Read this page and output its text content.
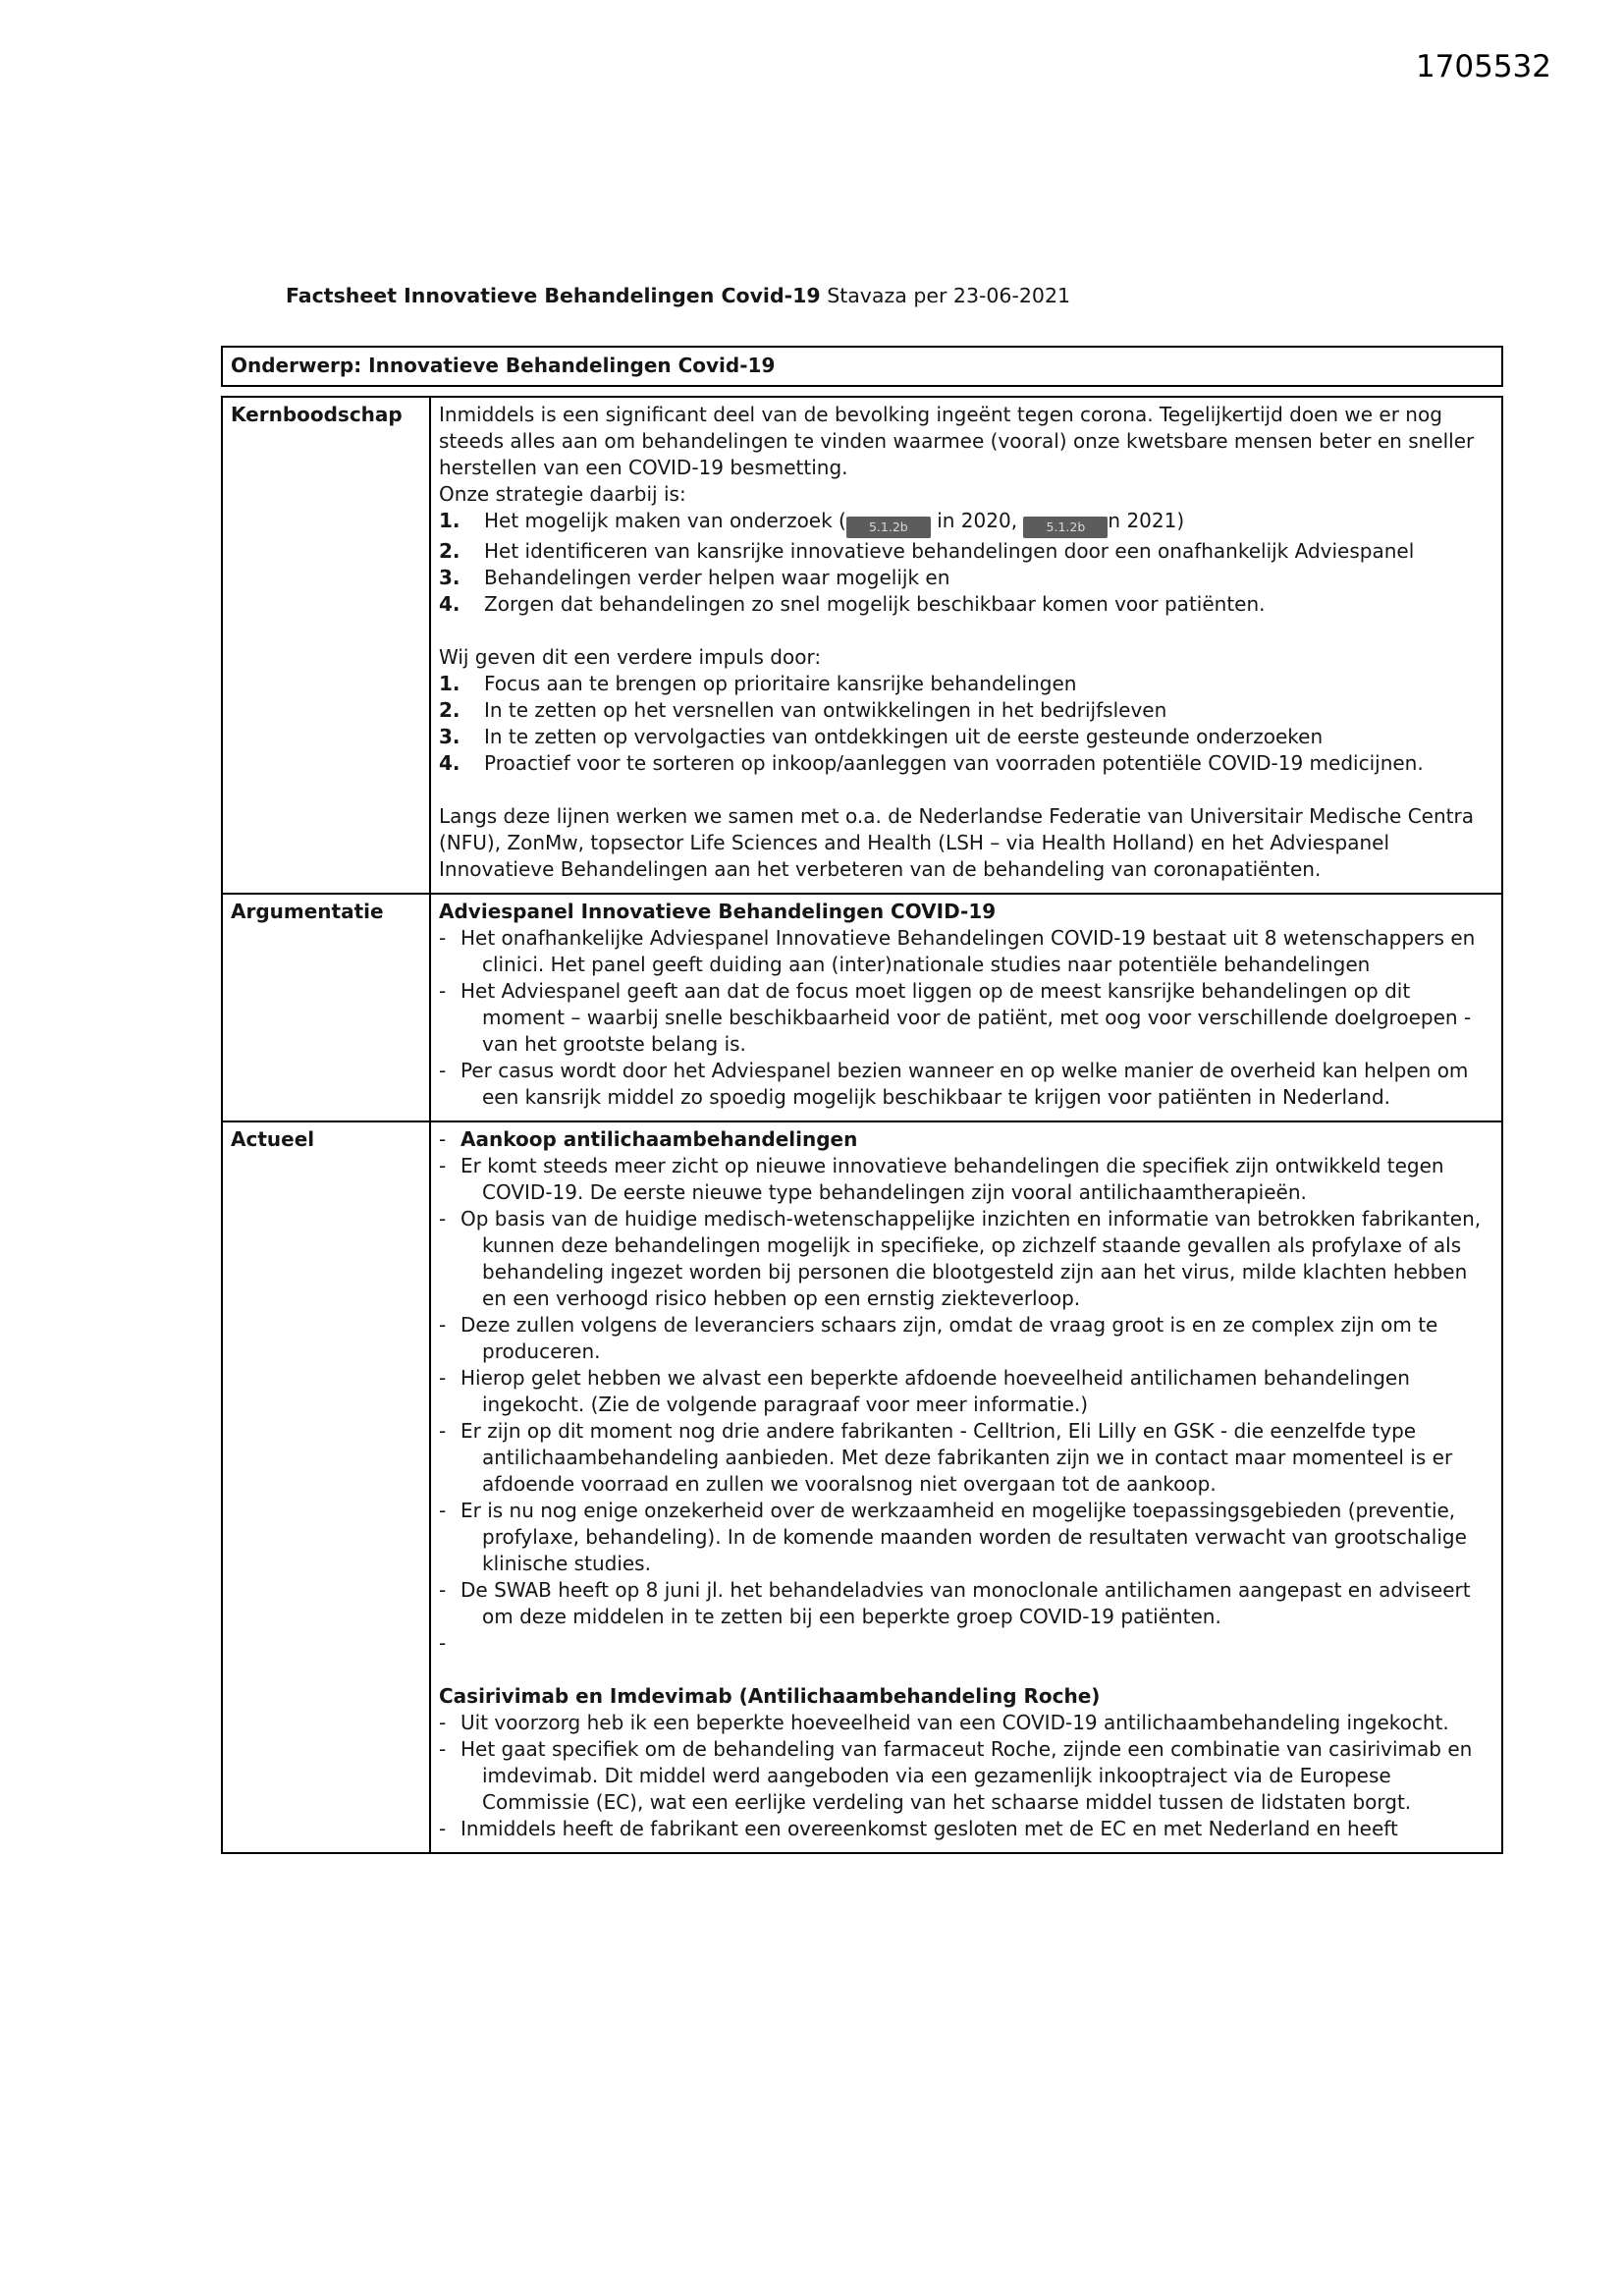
1705532
Factsheet Innovatieve Behandelingen Covid-19 Stavaza per 23-06-2021
Onderwerp: Innovatieve Behandelingen Covid-19
Kernboodschap	Inmiddels is een significant deel van de bevolking ingeënt tegen corona. Tegelijkertijd doen we er nog steeds alles aan om behandelingen te vinden waarmee (vooral) onze kwetsbare mensen beter en sneller herstellen van een COVID-19 besmetting.
Onze strategie daarbij is:
1. Het mogelijk maken van onderzoek ( 5.1.2b in 2020, 5.1.2b n 2021)
2. Het identificeren van kansrijke innovatieve behandelingen door een onafhankelijk Adviespanel
3. Behandelingen verder helpen waar mogelijk en
4. Zorgen dat behandelingen zo snel mogelijk beschikbaar komen voor patiënten.
Wij geven dit een verdere impuls door:
1. Focus aan te brengen op prioritaire kansrijke behandelingen
2. In te zetten op het versnellen van ontwikkelingen in het bedrijfsleven
3. In te zetten op vervolgacties van ontdekkingen uit de eerste gesteunde onderzoeken
4. Proactief voor te sorteren op inkoop/aanleggen van voorraden potentiële COVID-19 medicijnen.
Langs deze lijnen werken we samen met o.a. de Nederlandse Federatie van Universitair Medische Centra (NFU), ZonMw, topsector Life Sciences and Health (LSH – via Health Holland) en het Adviespanel Innovatieve Behandelingen aan het verbeteren van de behandeling van coronapatiënten.

Argumentatie	Adviespanel Innovatieve Behandelingen COVID-19
- Het onafhankelijke Adviespanel Innovatieve Behandelingen COVID-19 bestaat uit 8 wetenschappers en clinici. Het panel geeft duiding aan (inter)nationale studies naar potentiële behandelingen
- Het Adviespanel geeft aan dat de focus moet liggen op de meest kansrijke behandelingen op dit moment – waarbij snelle beschikbaarheid voor de patiënt, met oog voor verschillende doelgroepen - van het grootste belang is.
- Per casus wordt door het Adviespanel bezien wanneer en op welke manier de overheid kan helpen om een kansrijk middel zo spoedig mogelijk beschikbaar te krijgen voor patiënten in Nederland.

Actueel	- Aankoop antilichaambehandelingen
- Er komt steeds meer zicht op nieuwe innovatieve behandelingen die specifiek zijn ontwikkeld tegen COVID-19. De eerste nieuwe type behandelingen zijn vooral antilichaamtherapieën.
- Op basis van de huidige medisch-wetenschappelijke inzichten en informatie van betrokken fabrikanten, kunnen deze behandelingen mogelijk in specifieke, op zichzelf staande gevallen als profylaxe of als behandeling ingezet worden bij personen die blootgesteld zijn aan het virus, milde klachten hebben en een verhoogd risico hebben op een ernstig ziekteverloop.
- Deze zullen volgens de leveranciers schaars zijn, omdat de vraag groot is en ze complex zijn om te produceren.
- Hierop gelet hebben we alvast een beperkte afdoende hoeveelheid antilichamen behandelingen ingekocht. (Zie de volgende paragraaf voor meer informatie.)
- Er zijn op dit moment nog drie andere fabrikanten - Celltrion, Eli Lilly en GSK - die eenzelfde type antilichaambehandeling aanbieden. Met deze fabrikanten zijn we in contact maar momenteel is er afdoende voorraad en zullen we vooralsnog niet overgaan tot de aankoop.
- Er is nu nog enige onzekerheid over de werkzaamheid en mogelijke toepassingsgebieden (preventie, profylaxe, behandeling). In de komende maanden worden de resultaten verwacht van grootschalige klinische studies.
- De SWAB heeft op 8 juni jl. het behandeladvies van monoclonale antilichamen aangepast en adviseert om deze middelen in te zetten bij een beperkte groep COVID-19 patiënten.
-
Casirivimab en Imdevimab (Antilichaambehandeling Roche)
- Uit voorzorg heb ik een beperkte hoeveelheid van een COVID-19 antilichaambehandeling ingekocht.
- Het gaat specifiek om de behandeling van farmaceut Roche, zijnde een combinatie van casirivimab en imdevimab. Dit middel werd aangeboden via een gezamenlijk inkooptraject via de Europese Commissie (EC), wat een eerlijke verdeling van het schaarse middel tussen de lidstaten borgt.
- Inmiddels heeft de fabrikant een overeenkomst gesloten met de EC en met Nederland en heeft
